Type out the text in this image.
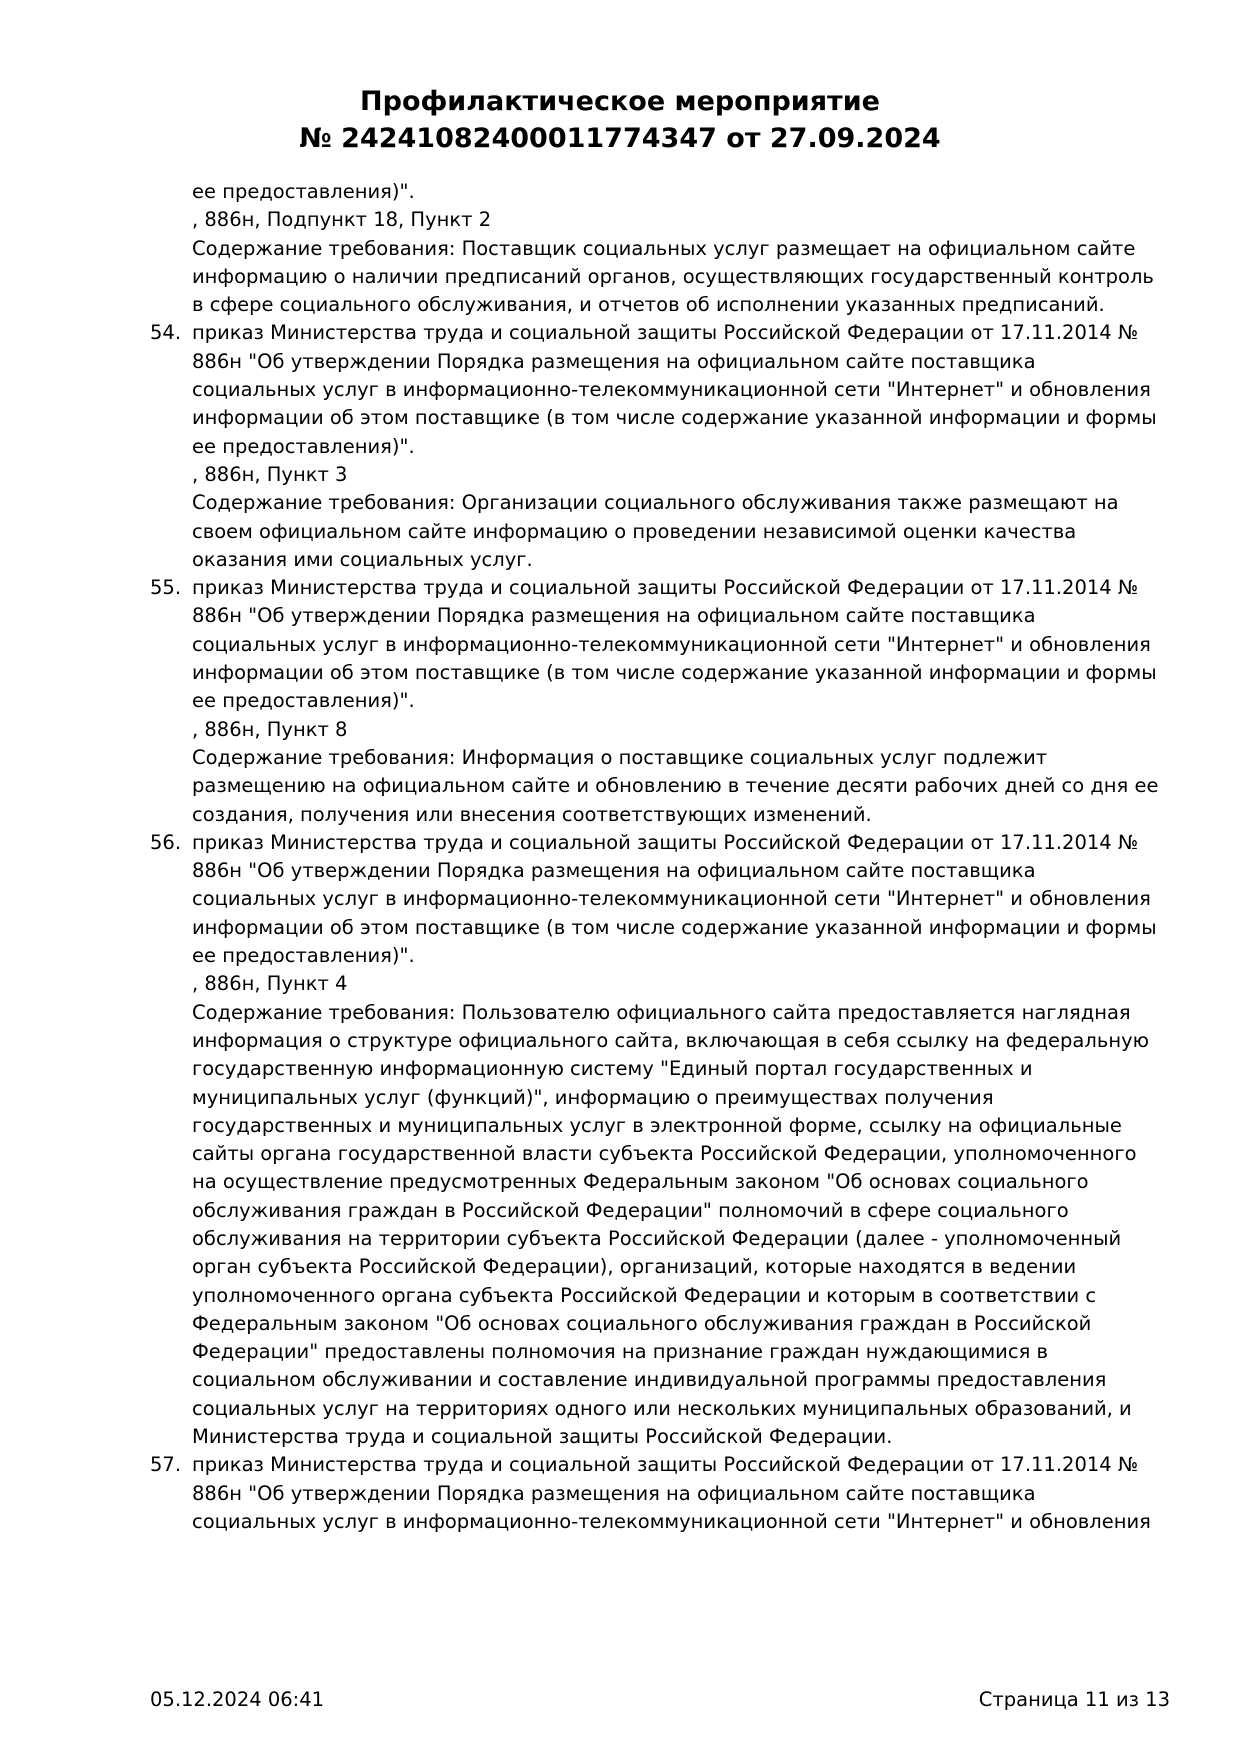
Профилактическое мероприятие
№ 2424108240001177434​7 от 27.09.2024
ее предоставления)".
, 886н, Подпункт 18, Пункт 2
Содержание требования: Поставщик социальных услуг размещает на официальном сайте
информацию о наличии предписаний органов, осуществляющих государственный контроль
в сфере социального обслуживания, и отчетов об исполнении указанных предписаний.
54. приказ Министерства труда и социальной защиты Российской Федерации от 17.11.2014 №
886н "Об утверждении Порядка размещения на официальном сайте поставщика
социальных услуг в информационно-телекоммуникационной сети "Интернет" и обновления
информации об этом поставщике (в том числе содержание указанной информации и формы
ее предоставления)".
, 886н, Пункт 3
Содержание требования: Организации социального обслуживания также размещают на
своем официальном сайте информацию о проведении независимой оценки качества
оказания ими социальных услуг.
55. приказ Министерства труда и социальной защиты Российской Федерации от 17.11.2014 №
886н "Об утверждении Порядка размещения на официальном сайте поставщика
социальных услуг в информационно-телекоммуникационной сети "Интернет" и обновления
информации об этом поставщике (в том числе содержание указанной информации и формы
ее предоставления)".
, 886н, Пункт 8
Содержание требования: Информация о поставщике социальных услуг подлежит
размещению на официальном сайте и обновлению в течение десяти рабочих дней со дня ее
создания, получения или внесения соответствующих изменений.
56. приказ Министерства труда и социальной защиты Российской Федерации от 17.11.2014 №
886н "Об утверждении Порядка размещения на официальном сайте поставщика
социальных услуг в информационно-телекоммуникационной сети "Интернет" и обновления
информации об этом поставщике (в том числе содержание указанной информации и формы
ее предоставления)".
, 886н, Пункт 4
Содержание требования: Пользователю официального сайта предоставляется наглядная
информация о структуре официального сайта, включающая в себя ссылку на федеральную
государственную информационную систему "Единый портал государственных и
муниципальных услуг (функций)", информацию о преимуществах получения
государственных и муниципальных услуг в электронной форме, ссылку на официальные
сайты органа государственной власти субъекта Российской Федерации, уполномоченного
на осуществление предусмотренных Федеральным законом "Об основах социального
обслуживания граждан в Российской Федерации" полномочий в сфере социального
обслуживания на территории субъекта Российской Федерации (далее - уполномоченный
орган субъекта Российской Федерации), организаций, которые находятся в ведении
уполномоченного органа субъекта Российской Федерации и которым в соответствии с
Федеральным законом "Об основах социального обслуживания граждан в Российской
Федерации" предоставлены полномочия на признание граждан нуждающимися в
социальном обслуживании и составление индивидуальной программы предоставления
социальных услуг на территориях одного или нескольких муниципальных образований, и
Министерства труда и социальной защиты Российской Федерации.
57. приказ Министерства труда и социальной защиты Российской Федерации от 17.11.2014 №
886н "Об утверждении Порядка размещения на официальном сайте поставщика
социальных услуг в информационно-телекоммуникационной сети "Интернет" и обновления
05.12.2024 06:41	Страница 11 из 13
